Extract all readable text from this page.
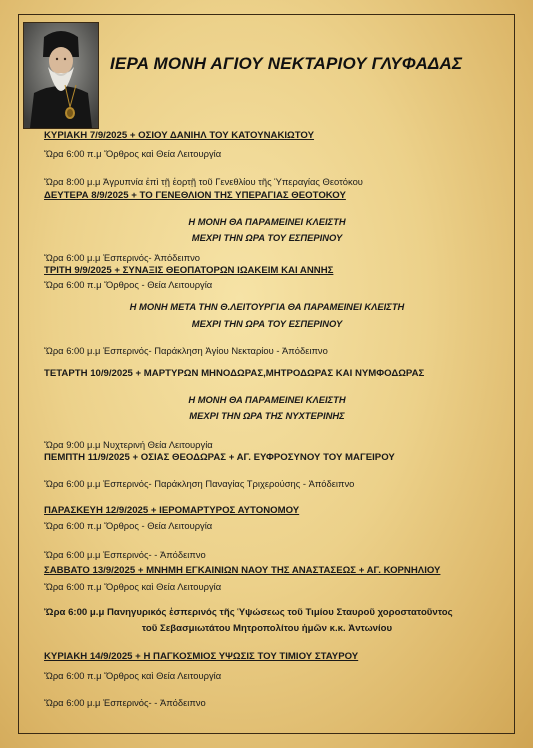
ΙΕΡΑ ΜΟΝΗ ΑΓΙΟΥ ΝΕΚΤΑΡΙΟΥ ΓΛΥΦΑΔΑΣ
ΚΥΡΙΑΚΗ 7/9/2025 + ΟΣΙΟΥ ΔΑΝΙΗΛ ΤΟΥ ΚΑΤΟΥΝΑΚΙΩΤΟΥ
Ὥρα 6:00 π.μ Ὄρθρος καὶ Θεία Λειτουργία
Ὥρα 8:00 μ.μ Ἀγρυπνία ἐπὶ τῇ ἑορτῇ τοῦ Γενεθλίου τῆς Ὑπεραγίας Θεοτόκου
ΔΕΥΤΕΡΑ 8/9/2025 + ΤΟ ΓΕΝΕΘΛΙΟΝ ΤΗΣ ΥΠΕΡΑΓΙΑΣ ΘΕΟΤΟΚΟΥ
Η ΜΟΝΗ ΘΑ ΠΑΡΑΜΕΙΝΕΙ ΚΛΕΙΣΤΗ
ΜΕΧΡΙ ΤΗΝ ΩΡΑ ΤΟΥ ΕΣΠΕΡΙΝΟΥ
Ὥρα 6:00 μ.μ Ἑσπερινός- Ἀπόδειπνο
ΤΡΙΤΗ 9/9/2025 + ΣΥΝΑΞΙΣ ΘΕΟΠΑΤΟΡΩΝ ΙΩΑΚΕΙΜ ΚΑΙ ΑΝΝΗΣ
Ὥρα 6:00 π.μ Ὄρθρος - Θεία Λειτουργία
Η ΜΟΝΗ ΜΕΤΑ ΤΗΝ Θ.ΛΕΙΤΟΥΡΓΙΑ ΘΑ ΠΑΡΑΜΕΙΝΕΙ ΚΛΕΙΣΤΗ
ΜΕΧΡΙ ΤΗΝ ΩΡΑ ΤΟΥ ΕΣΠΕΡΙΝΟΥ
Ὥρα 6:00 μ.μ Ἑσπερινός- Παράκληση Ἁγίου Νεκταρίου - Ἀπόδειπνο
ΤΕΤΑΡΤΗ 10/9/2025 + ΜΑΡΤΥΡΩΝ ΜΗΝΟΔΩΡΑΣ,ΜΗΤΡΟΔΩΡΑΣ ΚΑΙ ΝΥΜΦΟΔΩΡΑΣ
Η ΜΟΝΗ ΘΑ ΠΑΡΑΜΕΙΝΕΙ ΚΛΕΙΣΤΗ
ΜΕΧΡΙ ΤΗΝ ΩΡΑ ΤΗΣ ΝΥΧΤΕΡΙΝΗΣ
Ὥρα 9:00 μ.μ Νυχτερινή Θεία Λειτουργία
ΠΕΜΠΤΗ 11/9/2025 + ΟΣΙΑΣ ΘΕΟΔΩΡΑΣ + ΑΓ. ΕΥΦΡΟΣΥΝΟΥ ΤΟΥ ΜΑΓΕΙΡΟΥ
Ὥρα 6:00 μ.μ Ἑσπερινός- Παράκληση Παναγίας Τριχερούσης - Ἀπόδειπνο
ΠΑΡΑΣΚΕΥΗ 12/9/2025 + ΙΕΡΟΜΑΡΤΥΡΟΣ ΑΥΤΟΝΟΜΟΥ
Ὥρα 6:00 π.μ Ὄρθρος - Θεία Λειτουργία
Ὥρα 6:00 μ.μ Ἑσπερινός- - Ἀπόδειπνο
ΣΑΒΒΑΤΟ 13/9/2025 + ΜΝΗΜΗ ΕΓΚΑΙΝΙΩΝ ΝΑΟΥ ΤΗΣ ΑΝΑΣΤΑΣΕΩΣ + ΑΓ. ΚΟΡΝΗΛΙΟΥ
Ὥρα 6:00 π.μ Ὄρθρος καὶ Θεία Λειτουργία
Ὥρα 6:00 μ.μ Πανηγυρικός ἑσπερινός τῆς Ὑψώσεως τοῦ Τιμίου Σταυροῦ χοροστατοῦντος
τοῦ Σεβασμιωτάτου Μητροπολίτου ἡμῶν κ.κ. Ἀντωνίου
ΚΥΡΙΑΚΗ 14/9/2025 + Η ΠΑΓΚΟΣΜΙΟΣ ΥΨΩΣΙΣ ΤΟΥ ΤΙΜΙΟΥ ΣΤΑΥΡΟΥ
Ὥρα 6:00 π.μ Ὄρθρος καὶ Θεία Λειτουργία
Ὥρα 6:00 μ.μ Ἑσπερινός- - Ἀπόδειπνο
